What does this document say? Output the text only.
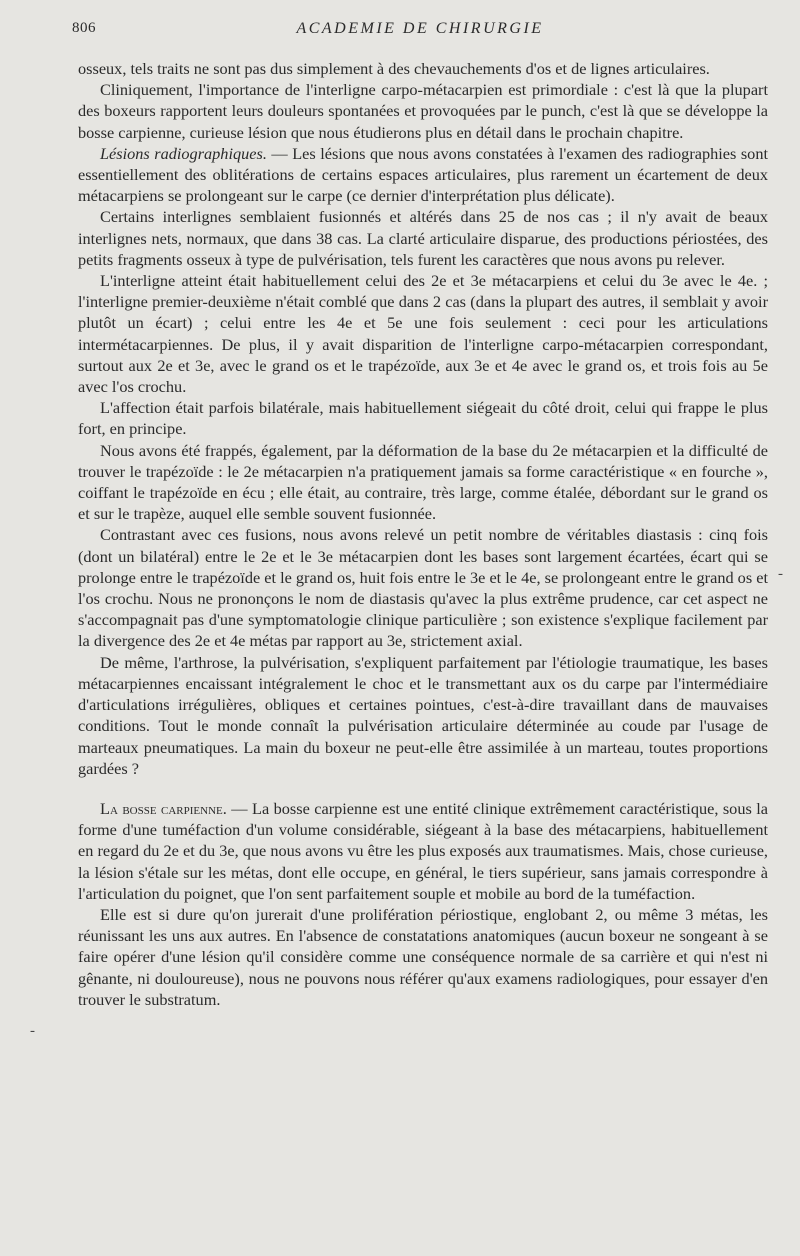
806	ACADEMIE DE CHIRURGIE

osseux, tels traits ne sont pas dus simplement à des chevauchements d'os et de lignes articulaires.

Cliniquement, l'importance de l'interligne carpo-métacarpien est primordiale : c'est là que la plupart des boxeurs rapportent leurs douleurs spontanées et provoquées par le punch, c'est là que se développe la bosse carpienne, curieuse lésion que nous étudierons plus en détail dans le prochain chapitre.

Lésions radiographiques. — Les lésions que nous avons constatées à l'examen des radiographies sont essentiellement des oblitérations de certains espaces articulaires, plus rarement un écartement de deux métacarpiens se prolongeant sur le carpe (ce dernier d'interprétation plus délicate).

Certains interlignes semblaient fusionnés et altérés dans 25 de nos cas ; il n'y avait de beaux interlignes nets, normaux, que dans 38 cas. La clarté articulaire disparue, des productions périostées, des petits fragments osseux à type de pulvérisation, tels furent les caractères que nous avons pu relever.

L'interligne atteint était habituellement celui des 2e et 3e métacarpiens et celui du 3e avec le 4e. ; l'interligne premier-deuxième n'était comblé que dans 2 cas (dans la plupart des autres, il semblait y avoir plutôt un écart) ; celui entre les 4e et 5e une fois seulement : ceci pour les articulations intermétacarpiennes. De plus, il y avait disparition de l'interligne carpo-métacarpien correspondant, surtout aux 2e et 3e, avec le grand os et le trapézoïde, aux 3e et 4e avec le grand os, et trois fois au 5e avec l'os crochu.

L'affection était parfois bilatérale, mais habituellement siégeait du côté droit, celui qui frappe le plus fort, en principe.

Nous avons été frappés, également, par la déformation de la base du 2e métacarpien et la difficulté de trouver le trapézoïde : le 2e métacarpien n'a pratiquement jamais sa forme caractéristique « en fourche », coiffant le trapézoïde en écu ; elle était, au contraire, très large, comme étalée, débordant sur le grand os et sur le trapèze, auquel elle semble souvent fusionnée.

Contrastant avec ces fusions, nous avons relevé un petit nombre de véritables diastasis : cinq fois (dont un bilatéral) entre le 2e et le 3e métacarpien dont les bases sont largement écartées, écart qui se prolonge entre le trapézoïde et le grand os, huit fois entre le 3e et le 4e, se prolongeant entre le grand os et l'os crochu. Nous ne prononçons le nom de diastasis qu'avec la plus extrême prudence, car cet aspect ne s'accompagnait pas d'une symptomatologie clinique particulière ; son existence s'explique facilement par la divergence des 2e et 4e métas par rapport au 3e, strictement axial.

De même, l'arthrose, la pulvérisation, s'expliquent parfaitement par l'étiologie traumatique, les bases métacarpiennes encaissant intégralement le choc et le transmettant aux os du carpe par l'intermédiaire d'articulations irrégulières, obliques et certaines pointues, c'est-à-dire travaillant dans de mauvaises conditions. Tout le monde connaît la pulvérisation articulaire déterminée au coude par l'usage de marteaux pneumatiques. La main du boxeur ne peut-elle être assimilée à un marteau, toutes proportions gardées ?

La bosse carpienne. — La bosse carpienne est une entité clinique extrêmement caractéristique, sous la forme d'une tuméfaction d'un volume considérable, siégeant à la base des métacarpiens, habituellement en regard du 2e et du 3e, que nous avons vu être les plus exposés aux traumatismes. Mais, chose curieuse, la lésion s'étale sur les métas, dont elle occupe, en général, le tiers supérieur, sans jamais correspondre à l'articulation du poignet, que l'on sent parfaitement souple et mobile au bord de la tuméfaction.

Elle est si dure qu'on jurerait d'une prolifération périostique, englobant 2, ou même 3 métas, les réunissant les uns aux autres. En l'absence de constatations anatomiques (aucun boxeur ne songeant à se faire opérer d'une lésion qu'il considère comme une conséquence normale de sa carrière et qui n'est ni gênante, ni douloureuse), nous ne pouvons nous référer qu'aux examens radiologiques, pour essayer d'en trouver le substratum.

-
-
